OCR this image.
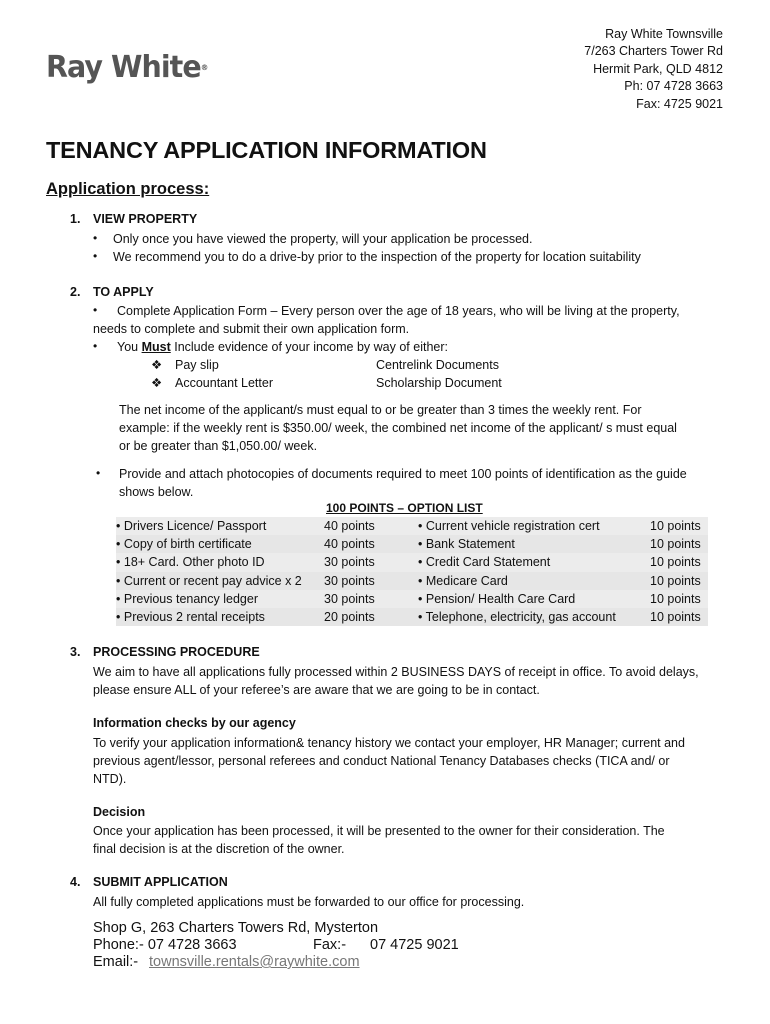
Ray White®
Ray White Townsville
7/263 Charters Tower Rd
Hermit Park, QLD 4812
Ph: 07 4728 3663
Fax: 4725 9021
TENANCY APPLICATION INFORMATION
Application process:
1. VIEW PROPERTY
• Only once you have viewed the property, will your application be processed.
• We recommend you to do a drive-by prior to the inspection of the property for location suitability
2. TO APPLY
• Complete Application Form – Every person over the age of 18 years, who will be living at the property,
needs to complete and submit their own application form.
• You Must Include evidence of your income by way of either:
❖ Pay slip	Centrelink Documents
❖ Accountant Letter	Scholarship Document
The net income of the applicant/s must equal to or be greater than 3 times the weekly rent. For
example: if the weekly rent is $350.00/ week, the combined net income of the applicant/ s must equal
or be greater than $1,050.00/ week.
• Provide and attach photocopies of documents required to meet 100 points of identification as the guide
shows below.
100 POINTS – OPTION LIST
• Drivers Licence/ Passport	40 points	• Current vehicle registration cert	10 points
• Copy of birth certificate	40 points	• Bank Statement	10 points
• 18+ Card. Other photo ID	30 points	• Credit Card Statement	10 points
• Current or recent pay advice x 2	30 points	• Medicare Card	10 points
• Previous tenancy ledger	30 points	• Pension/ Health Care Card	10 points
• Previous 2 rental receipts	20 points	• Telephone, electricity, gas account	10 points
3. PROCESSING PROCEDURE
We aim to have all applications fully processed within 2 BUSINESS DAYS of receipt in office. To avoid delays,
please ensure ALL of your referee’s are aware that we are going to be in contact.
Information checks by our agency
To verify your application information& tenancy history we contact your employer, HR Manager; current and
previous agent/lessor, personal referees and conduct National Tenancy Databases checks (TICA and/ or
NTD).
Decision
Once your application has been processed, it will be presented to the owner for their consideration. The
final decision is at the discretion of the owner.
4. SUBMIT APPLICATION
All fully completed applications must be forwarded to our office for processing.
Shop G, 263 Charters Towers Rd, Mysterton
Phone:- 07 4728 3663	Fax:- 07 4725 9021
Email:- townsville.rentals@raywhite.com
